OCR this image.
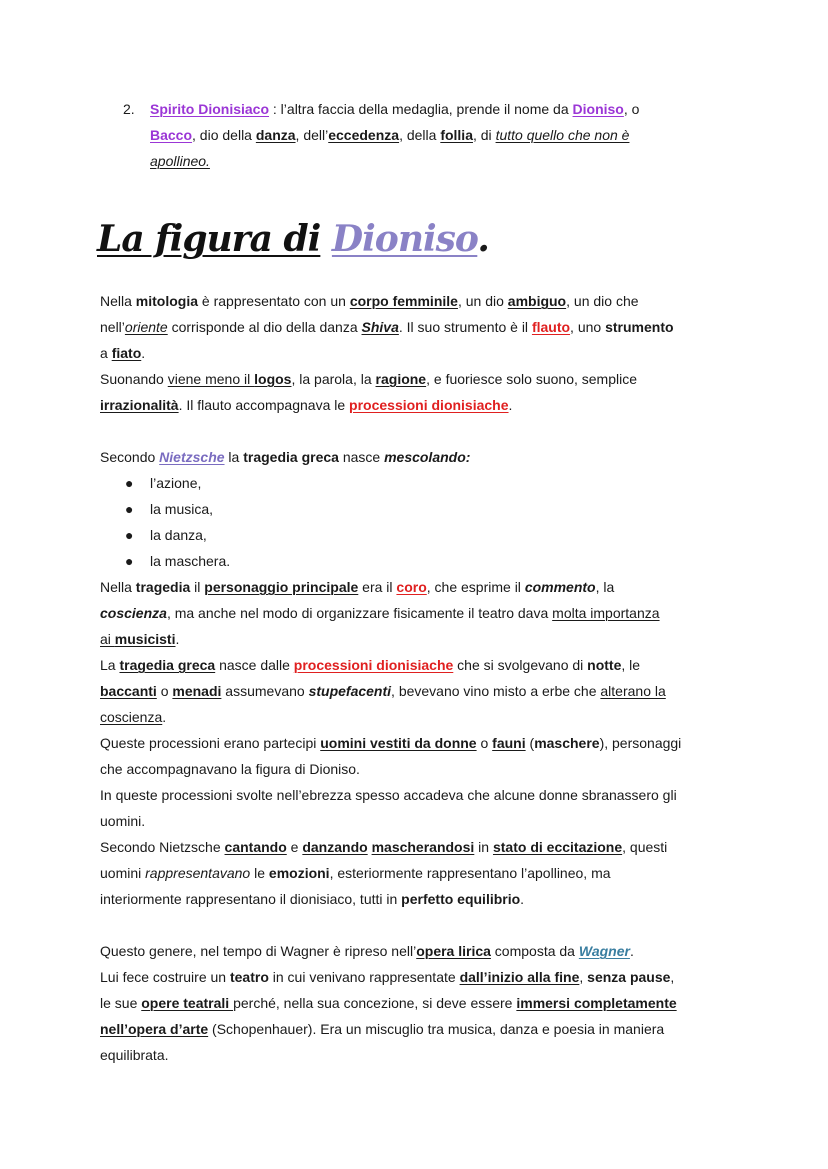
2. Spirito Dionisiaco : l’altra faccia della medaglia, prende il nome da Dioniso, o
Bacco, dio della danza, dell’eccedenza, della follia, di tutto quello che non è
apollineo.
La figura di Dioniso.
Nella mitologia è rappresentato con un corpo femminile, un dio ambiguo, un dio che
nell’oriente corrisponde al dio della danza Shiva. Il suo strumento è il flauto, uno strumento
a fiato.
Suonando viene meno il logos, la parola, la ragione, e fuoriesce solo suono, semplice
irrazionalità. Il flauto accompagnava le processioni dionisiache.
Secondo Nietzsche la tragedia greca nasce mescolando:
● l’azione,
● la musica,
● la danza,
● la maschera.
Nella tragedia il personaggio principale era il coro, che esprime il commento, la
coscienza, ma anche nel modo di organizzare fisicamente il teatro dava molta importanza
ai musicisti.
La tragedia greca nasce dalle processioni dionisiache che si svolgevano di notte, le
baccanti o menadi assumevano stupefacenti, bevevano vino misto a erbe che alterano la
coscienza.
Queste processioni erano partecipi uomini vestiti da donne o fauni (maschere), personaggi
che accompagnavano la figura di Dioniso.
In queste processioni svolte nell’ebrezza spesso accadeva che alcune donne sbranassero gli
uomini.
Secondo Nietzsche cantando e danzando mascherandosi in stato di eccitazione, questi
uomini rappresentavano le emozioni, esteriormente rappresentano l’apollineo, ma
interiormente rappresentano il dionisiaco, tutti in perfetto equilibrio.
Questo genere, nel tempo di Wagner è ripreso nell’opera lirica composta da Wagner.
Lui fece costruire un teatro in cui venivano rappresentate dall’inizio alla fine, senza pause,
le sue opere teatrali perché, nella sua concezione, si deve essere immersi completamente
nell’opera d’arte (Schopenhauer). Era un miscuglio tra musica, danza e poesia in maniera
equilibrata.
